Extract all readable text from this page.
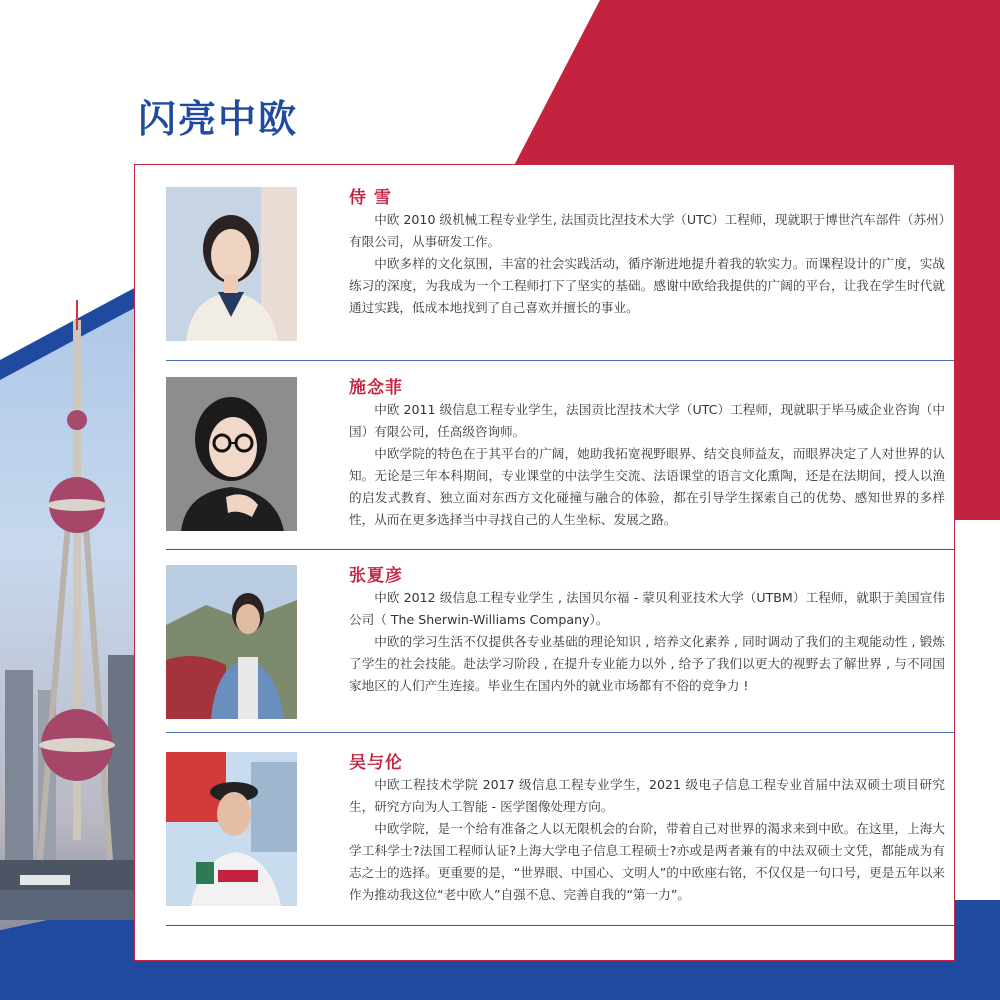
闪亮中欧

侍 雪

中欧 2010 级机械工程专业学生, 法国贡比涅技术大学（UTC）工程师，现就职于博世汽车部件（苏州）有限公司，从事研发工作。

中欧多样的文化氛围，丰富的社会实践活动，循序渐进地提升着我的软实力。而课程设计的广度，实战练习的深度，为我成为一个工程师打下了坚实的基础。感谢中欧给我提供的广阔的平台，让我在学生时代就通过实践，低成本地找到了自己喜欢并擅长的事业。

施念菲

中欧 2011 级信息工程专业学生，法国贡比涅技术大学（UTC）工程师，现就职于毕马威企业咨询（中国）有限公司，任高级咨询师。

中欧学院的特色在于其平台的广阔，她助我拓宽视野眼界、结交良师益友，而眼界决定了人对世界的认知。无论是三年本科期间，专业课堂的中法学生交流、法语课堂的语言文化熏陶，还是在法期间，授人以渔的启发式教育、独立面对东西方文化碰撞与融合的体验，都在引导学生探索自己的优势、感知世界的多样性，从而在更多选择当中寻找自己的人生坐标、发展之路。

张夏彦

中欧 2012 级信息工程专业学生 , 法国贝尔福 - 蒙贝利亚技术大学（UTBM）工程师，就职于美国宣伟公司（ The Sherwin-Williams Company）。

中欧的学习生活不仅提供各专业基础的理论知识 , 培养文化素养 , 同时调动了我们的主观能动性 , 锻炼了学生的社会技能。赴法学习阶段 , 在提升专业能力以外 , 给予了我们以更大的视野去了解世界 , 与不同国家地区的人们产生连接。毕业生在国内外的就业市场都有不俗的竞争力 !

吴与伦

中欧工程技术学院 2017 级信息工程专业学生，2021 级电子信息工程专业首届中法双硕士项目研究生，研究方向为人工智能 - 医学图像处理方向。

中欧学院，是一个给有准备之人以无限机会的台阶，带着自己对世界的渴求来到中欧。在这里，上海大学工科学士?法国工程师认证?上海大学电子信息工程硕士?亦或是两者兼有的中法双硕士文凭，都能成为有志之士的选择。更重要的是，“世界眼、中国心、文明人”的中欧座右铭，不仅仅是一句口号，更是五年以来作为推动我这位“老中欧人”自强不息、完善自我的“第一力”。
